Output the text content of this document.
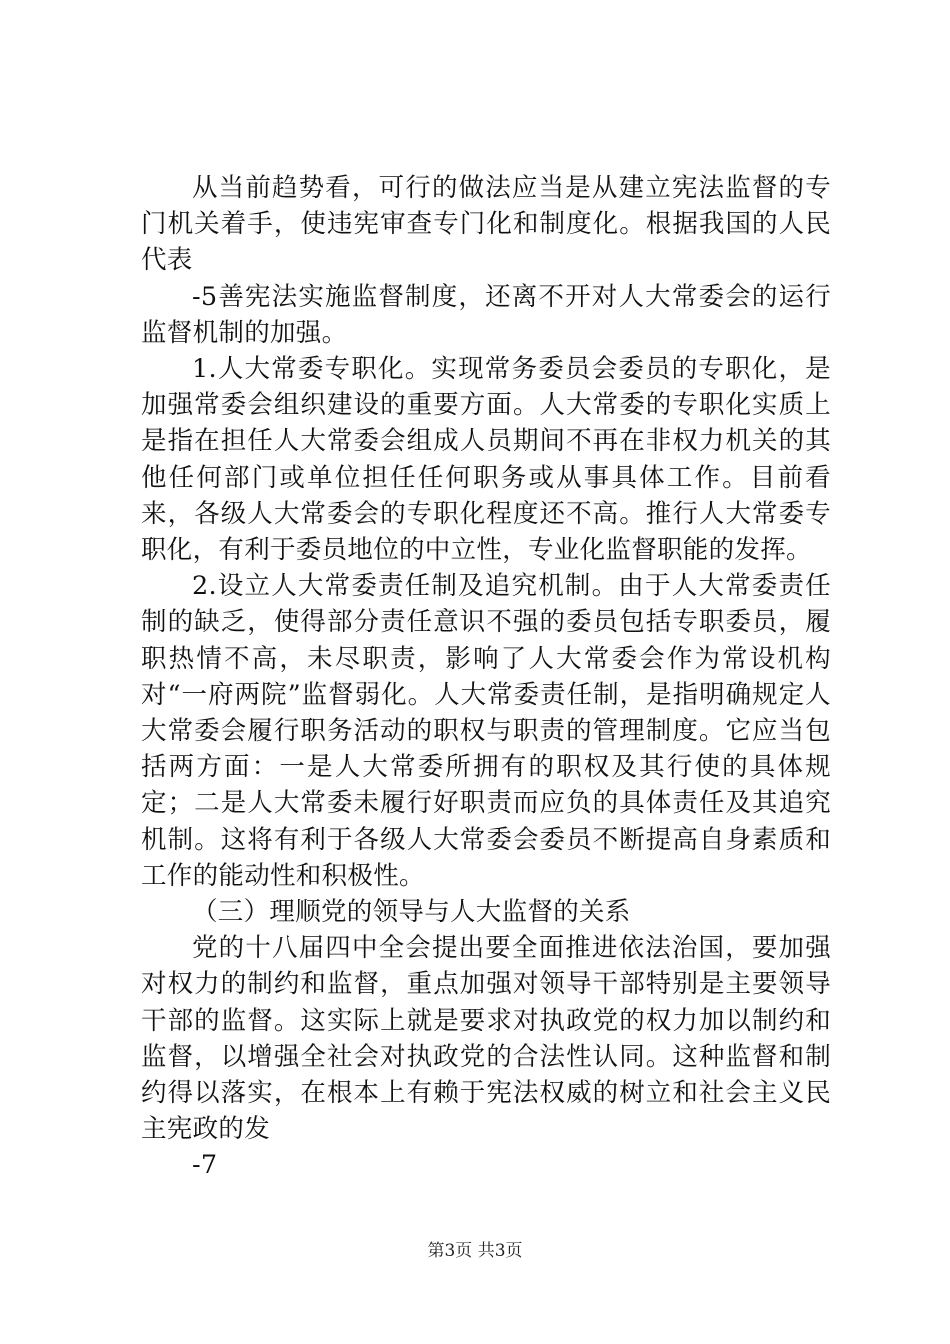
从当前趋势看，可行的做法应当是从建立宪法监督的专门机关着手，使违宪审查专门化和制度化。根据我国的人民代表

-5善宪法实施监督制度，还离不开对人大常委会的运行监督机制的加强。

1.人大常委专职化。实现常务委员会委员的专职化，是加强常委会组织建设的重要方面。人大常委的专职化实质上是指在担任人大常委会组成人员期间不再在非权力机关的其他任何部门或单位担任任何职务或从事具体工作。目前看来，各级人大常委会的专职化程度还不高。推行人大常委专职化，有利于委员地位的中立性，专业化监督职能的发挥。

2.设立人大常委责任制及追究机制。由于人大常委责任制的缺乏，使得部分责任意识不强的委员包括专职委员，履职热情不高，未尽职责，影响了人大常委会作为常设机构对“一府两院”监督弱化。人大常委责任制，是指明确规定人大常委会履行职务活动的职权与职责的管理制度。它应当包括两方面：一是人大常委所拥有的职权及其行使的具体规定；二是人大常委未履行好职责而应负的具体责任及其追究机制。这将有利于各级人大常委会委员不断提高自身素质和工作的能动性和积极性。

（三）理顺党的领导与人大监督的关系

党的十八届四中全会提出要全面推进依法治国，要加强对权力的制约和监督，重点加强对领导干部特别是主要领导干部的监督。这实际上就是要求对执政党的权力加以制约和监督，以增强全社会对执政党的合法性认同。这种监督和制约得以落实，在根本上有赖于宪法权威的树立和社会主义民主宪政的发

-7

第3页 共3页
